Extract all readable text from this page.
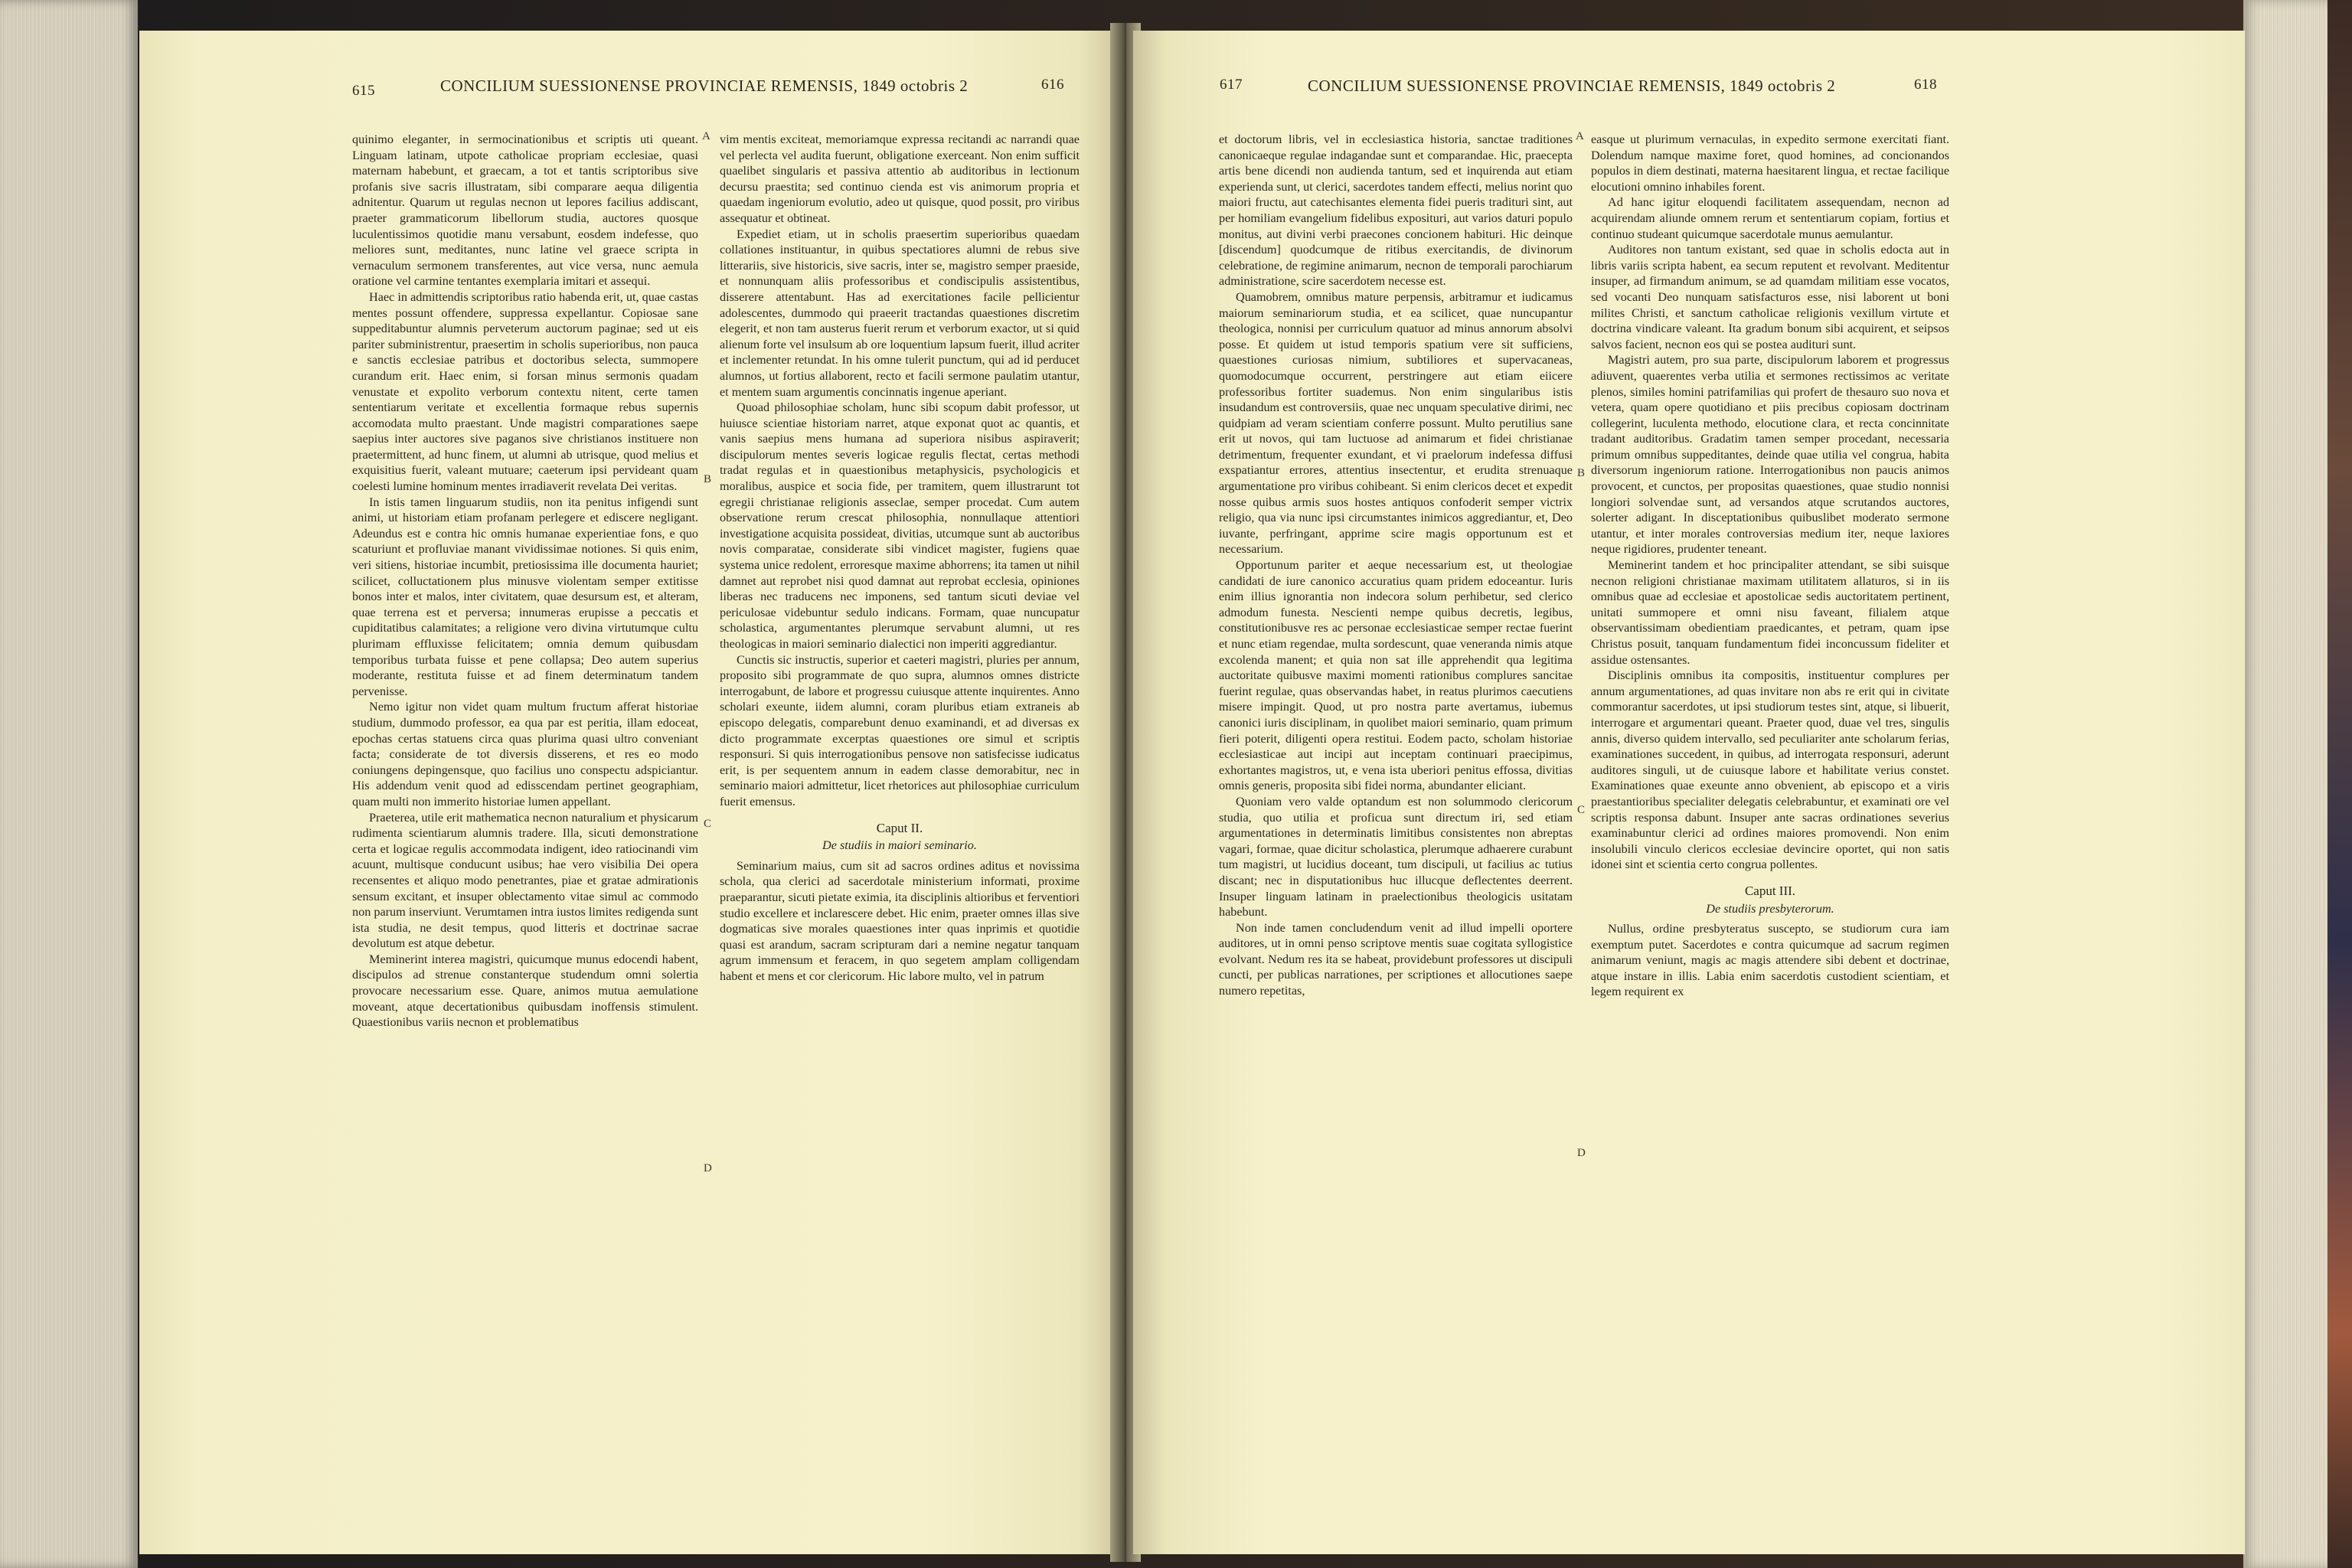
615	CONCILIUM SUESSIONENSE PROVINCIAE REMENSIS, 1849 octobris 2	616

quinimo eleganter, in sermocinationibus et scriptis uti queant. Linguam latinam, utpote catholicae propriam ecclesiae, quasi maternam habebunt, et graecam, a tot et tantis scriptoribus sive profanis sive sacris illustratam, sibi comparare aequa diligentia adnitentur. Quarum ut regulas necnon ut lepores facilius addiscant, praeter grammaticorum libellorum studia, auctores quosque luculentissimos quotidie manu versabunt, eosdem indefesse, quo meliores sunt, meditantes, nunc latine vel graece scripta in vernaculum sermonem transferentes, aut vice versa, nunc aemula oratione vel carmine tentantes exemplaria imitari et assequi.

Haec in admittendis scriptoribus ratio habenda erit, ut, quae castas mentes possunt offendere, suppressa expellantur. Copiosae sane suppeditabuntur alumnis perveterum auctorum paginae; sed ut eis pariter subministrentur, praesertim in scholis superioribus, non pauca e sanctis ecclesiae patribus et doctoribus selecta, summopere curandum erit. Haec enim, si forsan minus sermonis quadam venustate et expolito verborum contextu nitent, certe tamen sententiarum veritate et excellentia formaque rebus supernis accomodata multo praestant. Unde magistri comparationes saepe saepius inter auctores sive paganos sive christianos instituere non praetermittent, ad hunc finem, ut alumni ab utrisque, quod melius et exquisitius fuerit, valeant mutuare; caeterum ipsi pervideant quam coelesti lumine hominum mentes irradiaverit revelata Dei veritas.

In istis tamen linguarum studiis, non ita penitus infigendi sunt animi, ut historiam etiam profanam perlegere et ediscere negligant. Adeundus est e contra hic omnis humanae experientiae fons, e quo scaturiunt et profluviae manant vividissimae notiones. Si quis enim, veri sitiens, historiae incumbit, pretiosissima ille documenta hauriet; scilicet, colluctationem plus minusve violentam semper extitisse bonos inter et malos, inter civitatem, quae desursum est, et alteram, quae terrena est et perversa; innumeras erupisse a peccatis et cupiditatibus calamitates; a religione vero divina virtutumque cultu plurimam effluxisse felicitatem; omnia demum quibusdam temporibus turbata fuisse et pene collapsa; Deo autem superius moderante, restituta fuisse et ad finem determinatum tandem pervenisse.

Nemo igitur non videt quam multum fructum afferat historiae studium, dummodo professor, ea qua par est peritia, illam edoceat, epochas certas statuens circa quas plurima quasi ultro conveniant facta; considerate de tot diversis disserens, et res eo modo coniungens depingensque, quo facilius uno conspectu adspiciantur. His addendum venit quod ad edisscendam pertinet geographiam, quam multi non immerito historiae lumen appellant.

Praeterea, utile erit mathematica necnon naturalium et physicarum rudimenta scientiarum alumnis tradere. Illa, sicuti demonstratione certa et logicae regulis accommodata indigent, ideo ratiocinandi vim acuunt, multisque conducunt usibus; hae vero visibilia Dei opera recensentes et aliquo modo penetrantes, piae et gratae admirationis sensum excitant, et insuper oblectamento vitae simul ac commodo non parum inserviunt. Verumtamen intra iustos limites redigenda sunt ista studia, ne desit tempus, quod litteris et doctrinae sacrae devolutum est atque debetur.

Meminerint interea magistri, quicumque munus edocendi habent, discipulos ad strenue constanterque studendum omni solertia provocare necessarium esse. Quare, animos mutua aemulatione moveant, atque decertationibus quibusdam inoffensis stimulent. Quaestionibus variis necnon et problematibus

vim mentis exciteat, memoriamque expressa recitandi ac narrandi quae vel perlecta vel audita fuerunt, obligatione exerceant. Non enim sufficit quaelibet singularis et passiva attentio ab auditoribus in lectionum decursu praestita; sed continuo cienda est vis animorum propria et quaedam ingeniorum evolutio, adeo ut quisque, quod possit, pro viribus assequatur et obtineat.

Expediet etiam, ut in scholis praesertim superioribus quaedam collationes instituantur, in quibus spectatiores alumni de rebus sive litterariis, sive historicis, sive sacris, inter se, magistro semper praeside, et nonnunquam aliis professoribus et condiscipulis assistentibus, disserere attentabunt. Has ad exercitationes facile pellicientur adolescentes, dummodo qui praeerit tractandas quaestiones discretim elegerit, et non tam austerus fuerit rerum et verborum exactor, ut si quid alienum forte vel insulsum ab ore loquentium lapsum fuerit, illud acriter et inclementer retundat. In his omne tulerit punctum, qui ad id perducet alumnos, ut fortius allaborent, recto et facili sermone paulatim utantur, et mentem suam argumentis concinnatis ingenue aperiant.

Quoad philosophiae scholam, hunc sibi scopum dabit professor, ut huiusce scientiae historiam narret, atque exponat quot ac quantis, et vanis saepius mens humana ad superiora nisibus aspiraverit; discipulorum mentes severis logicae regulis flectat, certas methodi tradat regulas et in quaestionibus metaphysicis, psychologicis et moralibus, auspice et socia fide, per tramitem, quem illustrarunt tot egregii christianae religionis asseclae, semper procedat. Cum autem observatione rerum crescat philosophia, nonnullaque attentiori investigatione acquisita possideat, divitias, utcumque sunt ab auctoribus novis comparatae, considerate sibi vindicet magister, fugiens quae systema unice redolent, erroresque maxime abhorrens; ita tamen ut nihil damnet aut reprobet nisi quod damnat aut reprobat ecclesia, opiniones liberas nec traducens nec imponens, sed tantum sicuti deviae vel periculosae videbuntur sedulo indicans. Formam, quae nuncupatur scholastica, argumentantes plerumque servabunt alumni, ut res theologicas in maiori seminario dialectici non imperiti aggrediantur.

Cunctis sic instructis, superior et caeteri magistri, pluries per annum, proposito sibi programmate de quo supra, alumnos omnes districte interrogabunt, de labore et progressu cuiusque attente inquirentes. Anno scholari exeunte, iidem alumni, coram pluribus etiam extraneis ab episcopo delegatis, comparebunt denuo examinandi, et ad diversas ex dicto programmate excerptas quaestiones ore simul et scriptis responsuri. Si quis interrogationibus pensove non satisfecisse iudicatus erit, is per sequentem annum in eadem classe demorabitur, nec in seminario maiori admittetur, licet rhetorices aut philosophiae curriculum fuerit emensus.

Caput II.
De studiis in maiori seminario.

Seminarium maius, cum sit ad sacros ordines aditus et novissima schola, qua clerici ad sacerdotale ministerium informati, proxime praeparantur, sicuti pietate eximia, ita disciplinis altioribus et ferventiori studio excellere et inclarescere debet. Hic enim, praeter omnes illas sive dogmaticas sive morales quaestiones inter quas inprimis et quotidie quasi est arandum, sacram scripturam dari a nemine negatur tanquam agrum immensum et feracem, in quo segetem amplam colligendam habent et mens et cor clericorum. Hic labore multo, vel in patrum

A
B
C
D
617	CONCILIUM SUESSIONENSE PROVINCIAE REMENSIS, 1849 octobris 2	618

et doctorum libris, vel in ecclesiastica historia, sanctae traditiones canonicaeque regulae indagandae sunt et comparandae. Hic, praecepta artis bene dicendi non audienda tantum, sed et inquirenda aut etiam experienda sunt, ut clerici, sacerdotes tandem effecti, melius norint quo maiori fructu, aut catechisantes elementa fidei pueris tradituri sint, aut per homiliam evangelium fidelibus expositurі, aut varios daturi populo monitus, aut divini verbi praecones concionem habituri. Hic deinque [discendum] quodcumque de ritibus exercitandis, de divinorum celebratione, de regimine animarum, necnon de temporali parochiarum administratione, scire sacerdotem necesse est.

Quamobrem, omnibus mature perpensis, arbitramur et iudicamus maiorum seminariorum studia, et ea scilicet, quae nuncupantur theologica, nonnisi per curriculum quatuor ad minus annorum absolvi posse. Et quidem ut istud temporis spatium vere sit sufficiens, quaestiones curiosas nimium, subtiliores et supervacaneas, quomodocumque occurrent, perstringere aut etiam eiicere professoribus fortiter suademus. Non enim singularibus istis insudandum est controversiis, quae nec unquam speculative dirimi, nec quidpiam ad veram scientiam conferre possunt. Multo perutilius sane erit ut novos, qui tam luctuose ad animarum et fidei christianae detrimentum, frequenter exundant, et vi praelorum indefessa diffusi exspatiantur errores, attentius insectentur, et erudita strenuaque argumentatione pro viribus cohibeant. Si enim clericos decet et expedit nosse quibus armis suos hostes antiquos confoderit semper victrix religio, qua via nunc ipsi circumstantes inimicos aggrediantur, et, Deo iuvante, perfringant, apprime scire magis opportunum est et necessarium.

Opportunum pariter et aeque necessarium est, ut theologiae candidati de iure canonico accuratius quam pridem edoceantur. Iuris enim illius ignorantia non indecora solum perhibetur, sed clerico admodum funesta. Nescienti nempe quibus decretis, legibus, constitutionibusve res ac personae ecclesiasticae semper rectae fuerint et nunc etiam regendae, multa sordescunt, quae veneranda nimis atque excolenda manent; et quia non sat ille apprehendit qua legitima auctoritate quibusve maximi momenti rationibus complures sancitae fuerint regulae, quas observandas habet, in reatus plurimos caecutiens misere impingit. Quod, ut pro nostra parte avertamus, iubemus canonici iuris disciplinam, in quolibet maiori seminario, quam primum fieri poterit, diligenti opera restitui. Eodem pacto, scholam historiae ecclesiasticae aut incipi aut inceptam continuari praecipimus, exhortantes magistros, ut, e vena ista uberiori penitus effossa, divitias omnis generis, proposita sibi fidei norma, abundanter eliciant.

Quoniam vero valde optandum est non solummodo clericorum studia, quo utilia et proficua sunt directum iri, sed etiam argumentationes in determinatis limitibus consistentes non abreptas vagari, formae, quae dicitur scholastica, plerumque adhaerere curabunt tum magistri, ut lucidius doceant, tum discipuli, ut facilius ac tutius discant; nec in disputationibus huc illucque deflectentes deerrent. Insuper linguam latinam in praelectionibus theologicis usitatam habebunt.

Non inde tamen concludendum venit ad illud impelli oportere auditores, ut in omni penso scriptove mentis suae cogitata syllogistice evolvant. Nedum res ita se habeat, providebunt professores ut discipuli cuncti, per publicas narrationes, per scriptiones et allocutiones saepe numero repetitas,

easque ut plurimum vernaculas, in expedito sermone exercitati fiant. Dolendum namque maxime foret, quod homines, ad concionandos populos in diem destinati, materna haesitarent lingua, et rectae facilique elocutioni omnino inhabiles forent.

Ad hanc igitur eloquendi facilitatem assequendam, necnon ad acquirendam aliunde omnem rerum et sententiarum copiam, fortius et continuo studeant quicumque sacerdotale munus aemulantur.

Auditores non tantum existant, sed quae in scholis edocta aut in libris variis scripta habent, ea secum reputent et revolvant. Meditentur insuper, ad firmandum animum, se ad quamdam militiam esse vocatos, sed vocanti Deo nunquam satisfacturos esse, nisi laborent ut boni milites Christi, et sanctum catholicae religionis vexillum virtute et doctrina vindicare valeant. Ita gradum bonum sibi acquirent, et seipsos salvos facient, necnon eos qui se postea audituri sunt.

Magistri autem, pro sua parte, discipulorum laborem et progressus adiuvent, quaerentes verba utilia et sermones rectissimos ac veritate plenos, similes homini patrifamilias qui profert de thesauro suo nova et vetera, quam opere quotidiano et piis precibus copiosam doctrinam collegerint, luculenta methodo, elocutione clara, et recta concinnitate tradant auditoribus. Gradatim tamen semper procedant, necessaria primum omnibus suppeditantes, deinde quae utilia vel congrua, habita diversorum ingeniorum ratione. Interrogationibus non paucis animos provocent, et cunctos, per propositas quaestiones, quae studio nonnisi longiori solvendae sunt, ad versandos atque scrutandos auctores, solerter adigant. In disceptationibus quibuslibet moderato sermone utantur, et inter morales controversias medium iter, neque laxiores neque rigidiores, prudenter teneant.

Meminerint tandem et hoc principaliter attendant, se sibi suisque necnon religioni christianae maximam utilitatem allaturos, si in iis omnibus quae ad ecclesiae et apostolicae sedis auctoritatem pertinent, unitati summopere et omni nisu faveant, filialem atque observantissimam obedientiam praedicantes, et petram, quam ipse Christus posuit, tanquam fundamentum fidei inconcussum fideliter et assidue ostensantes.

Disciplinis omnibus ita compositis, instituentur complures per annum argumentationes, ad quas invitare non abs re erit qui in civitate commorantur sacerdotes, ut ipsi studiorum testes sint, atque, si libuerit, interrogare et argumentari queant. Praeter quod, duae vel tres, singulis annis, diverso quidem intervallo, sed peculiariter ante scholarum ferias, examinationes succedent, in quibus, ad interrogata responsuri, aderunt auditores singuli, ut de cuiusque labore et habilitate verius constet. Examinationes quae exeunte anno obvenient, ab episcopo et a viris praestantioribus specialiter delegatis celebrabuntur, et examinati ore vel scriptis responsa dabunt. Insuper ante sacras ordinationes severius examinabuntur clerici ad ordines maiores promovendi. Non enim insolubili vinculo clericos ecclesiae devincire oportet, qui non satis idonei sint et scientia certo congrua pollentes.

Caput III.
De studiis presbyterorum.

Nullus, ordine presbyteratus suscepto, se studiorum cura iam exemptum putet. Sacerdotes e contra quicumque ad sacrum regimen animarum veniunt, magis ac magis attendere sibi debent et doctrinae, atque instare in illis. Labia enim sacerdotis custodient scientiam, et legem requirent ex

A
B
C
D
